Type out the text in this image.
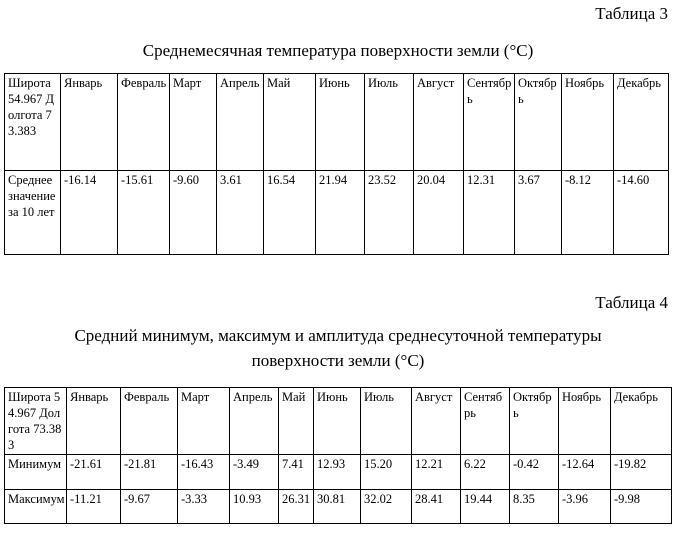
Таблица 3
Среднемесячная температура поверхности земли (°С)
Широта 54.967 Долгота 73.383	Январь	Февраль	Март	Апрель	Май	Июнь	Июль	Август	Сентябрь	Октябрь	Ноябрь	Декабрь
Среднее значение за 10 лет	-16.14	-15.61	-9.60	3.61	16.54	21.94	23.52	20.04	12.31	3.67	-8.12	-14.60
Таблица 4
Средний минимум, максимум и амплитуда среднесуточной температуры
поверхности земли (°С)
Широта 54.967 Долгота 73.383	Январь	Февраль	Март	Апрель	Май	Июнь	Июль	Август	Сентябрь	Октябрь	Ноябрь	Декабрь
Минимум	-21.61	-21.81	-16.43	-3.49	7.41	12.93	15.20	12.21	6.22	-0.42	-12.64	-19.82
Максимум	-11.21	-9.67	-3.33	10.93	26.31	30.81	32.02	28.41	19.44	8.35	-3.96	-9.98
